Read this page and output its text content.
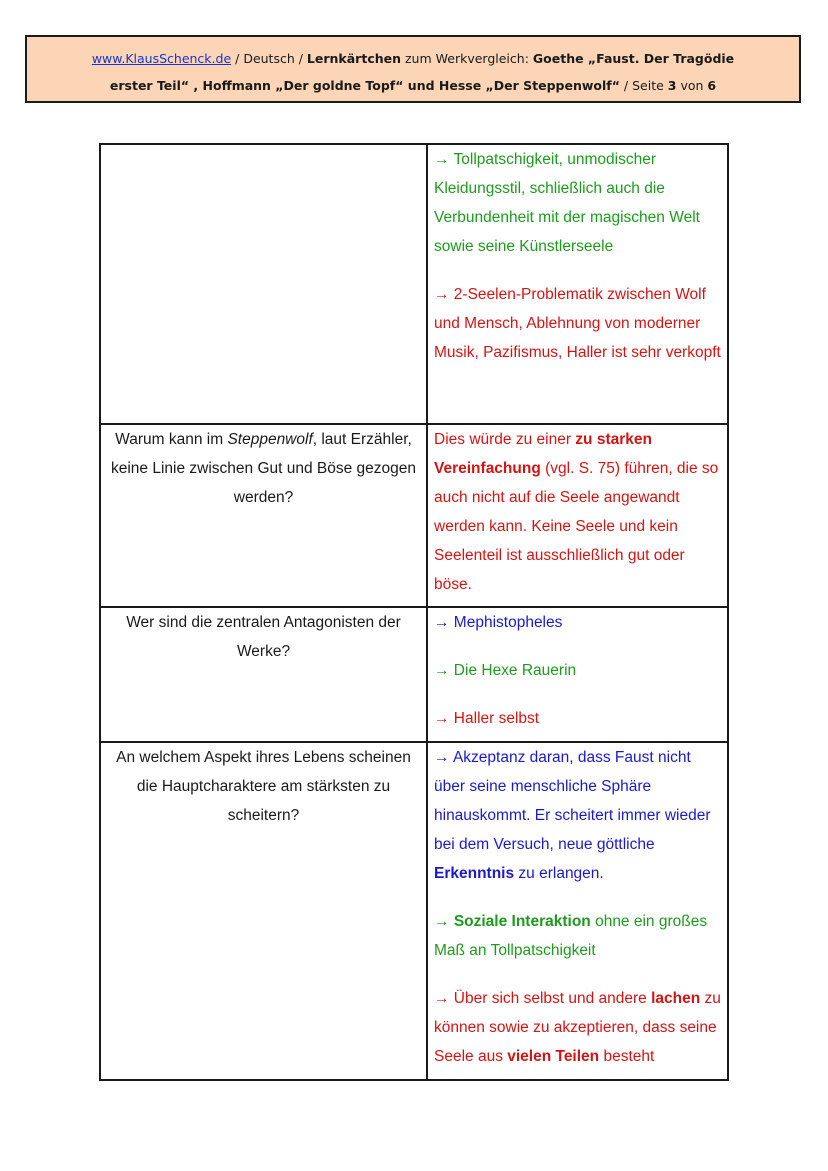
www.KlausSchenck.de / Deutsch / Lernkärtchen zum Werkvergleich: Goethe „Faust. Der Tragödie
erster Teil“ , Hoffmann „Der goldne Topf“ und Hesse „Der Steppenwolf“ / Seite 3 von 6

	→ Tollpatschigkeit, unmodischer Kleidungsstil, schließlich auch die Verbundenheit mit der magischen Welt sowie seine Künstlerseele

→ 2-Seelen-Problematik zwischen Wolf und Mensch, Ablehnung von moderner Musik, Pazifismus, Haller ist sehr verkopft

Warum kann im Steppenwolf, laut Erzähler, keine Linie zwischen Gut und Böse gezogen werden?	Dies würde zu einer zu starken Vereinfachung (vgl. S. 75) führen, die so auch nicht auf die Seele angewandt werden kann. Keine Seele und kein Seelenteil ist ausschließlich gut oder böse.
Wer sind die zentralen Antagonisten der Werke?	→ Mephistopheles

→ Die Hexe Rauerin

→ Haller selbst

An welchem Aspekt ihres Lebens scheinen die Hauptcharaktere am stärksten zu scheitern?	→ Akzeptanz daran, dass Faust nicht über seine menschliche Sphäre hinauskommt. Er scheitert immer wieder bei dem Versuch, neue göttliche Erkenntnis zu erlangen.

→ Soziale Interaktion ohne ein großes Maß an Tollpatschigkeit

→ Über sich selbst und andere lachen zu können sowie zu akzeptieren, dass seine Seele aus vielen Teilen besteht
